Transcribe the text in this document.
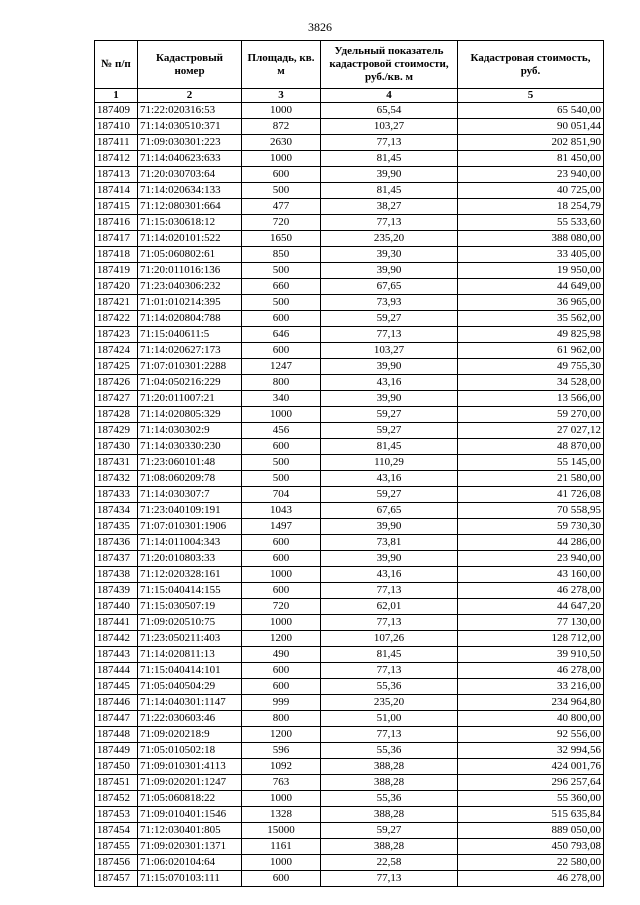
3826
№ п/п	Кадастровый номер	Площадь, кв. м	Удельный показатель кадастровой стоимости, руб./кв. м	Кадастровая стоимость, руб.
1	2	3	4	5
187409	71:22:020316:53	1000	65,54	65 540,00
187410	71:14:030510:371	872	103,27	90 051,44
187411	71:09:030301:223	2630	77,13	202 851,90
187412	71:14:040623:633	1000	81,45	81 450,00
187413	71:20:030703:64	600	39,90	23 940,00
187414	71:14:020634:133	500	81,45	40 725,00
187415	71:12:080301:664	477	38,27	18 254,79
187416	71:15:030618:12	720	77,13	55 533,60
187417	71:14:020101:522	1650	235,20	388 080,00
187418	71:05:060802:61	850	39,30	33 405,00
187419	71:20:011016:136	500	39,90	19 950,00
187420	71:23:040306:232	660	67,65	44 649,00
187421	71:01:010214:395	500	73,93	36 965,00
187422	71:14:020804:788	600	59,27	35 562,00
187423	71:15:040611:5	646	77,13	49 825,98
187424	71:14:020627:173	600	103,27	61 962,00
187425	71:07:010301:2288	1247	39,90	49 755,30
187426	71:04:050216:229	800	43,16	34 528,00
187427	71:20:011007:21	340	39,90	13 566,00
187428	71:14:020805:329	1000	59,27	59 270,00
187429	71:14:030302:9	456	59,27	27 027,12
187430	71:14:030330:230	600	81,45	48 870,00
187431	71:23:060101:48	500	110,29	55 145,00
187432	71:08:060209:78	500	43,16	21 580,00
187433	71:14:030307:7	704	59,27	41 726,08
187434	71:23:040109:191	1043	67,65	70 558,95
187435	71:07:010301:1906	1497	39,90	59 730,30
187436	71:14:011004:343	600	73,81	44 286,00
187437	71:20:010803:33	600	39,90	23 940,00
187438	71:12:020328:161	1000	43,16	43 160,00
187439	71:15:040414:155	600	77,13	46 278,00
187440	71:15:030507:19	720	62,01	44 647,20
187441	71:09:020510:75	1000	77,13	77 130,00
187442	71:23:050211:403	1200	107,26	128 712,00
187443	71:14:020811:13	490	81,45	39 910,50
187444	71:15:040414:101	600	77,13	46 278,00
187445	71:05:040504:29	600	55,36	33 216,00
187446	71:14:040301:1147	999	235,20	234 964,80
187447	71:22:030603:46	800	51,00	40 800,00
187448	71:09:020218:9	1200	77,13	92 556,00
187449	71:05:010502:18	596	55,36	32 994,56
187450	71:09:010301:4113	1092	388,28	424 001,76
187451	71:09:020201:1247	763	388,28	296 257,64
187452	71:05:060818:22	1000	55,36	55 360,00
187453	71:09:010401:1546	1328	388,28	515 635,84
187454	71:12:030401:805	15000	59,27	889 050,00
187455	71:09:020301:1371	1161	388,28	450 793,08
187456	71:06:020104:64	1000	22,58	22 580,00
187457	71:15:070103:111	600	77,13	46 278,00
